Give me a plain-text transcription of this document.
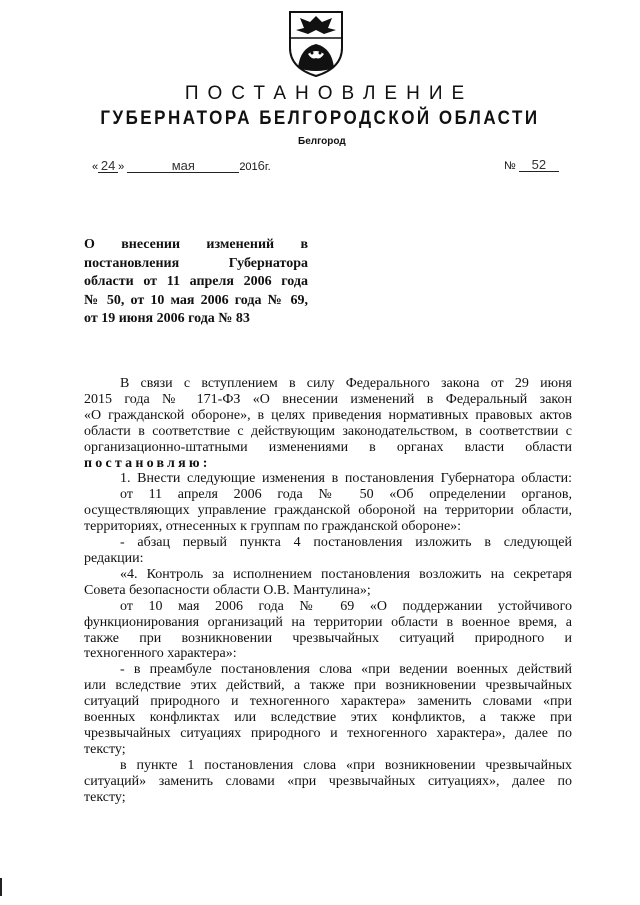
ПОСТАНОВЛЕНИЕ
ГУБЕРНАТОРА БЕЛГОРОДСКОЙ ОБЛАСТИ
Белгород
« 24 »	мая	2016г.	№ 52
О внесении изменений в
постановления Губернатора
области от 11 апреля 2006 года
№ 50, от 10 мая 2006 года № 69,
от 19 июня 2006 года № 83
В связи с вступлением в силу Федерального закона от 29 июня
2015 года № 171-ФЗ «О внесении изменений в Федеральный закон
«О гражданской обороне», в целях приведения нормативных правовых актов
области в соответствие с действующим законодательством, в соответствии с
организационно-штатными изменениями в органах власти области
постановляю:
1. Внести следующие изменения в постановления Губернатора области:
от 11 апреля 2006 года № 50 «Об определении органов,
осуществляющих управление гражданской обороной на территории области,
территориях, отнесенных к группам по гражданской обороне»:
- абзац первый пункта 4 постановления изложить в следующей
редакции:
«4. Контроль за исполнением постановления возложить на секретаря
Совета безопасности области О.В. Мантулина»;
от 10 мая 2006 года № 69 «О поддержании устойчивого
функционирования организаций на территории области в военное время, а
также при возникновении чрезвычайных ситуаций природного и
техногенного характера»:
- в преамбуле постановления слова «при ведении военных действий
или вследствие этих действий, а также при возникновении чрезвычайных
ситуаций природного и техногенного характера» заменить словами «при
военных конфликтах или вследствие этих конфликтов, а также при
чрезвычайных ситуациях природного и техногенного характера», далее по
тексту;
в пункте 1 постановления слова «при возникновении чрезвычайных
ситуаций» заменить словами «при чрезвычайных ситуациях», далее по
тексту;
